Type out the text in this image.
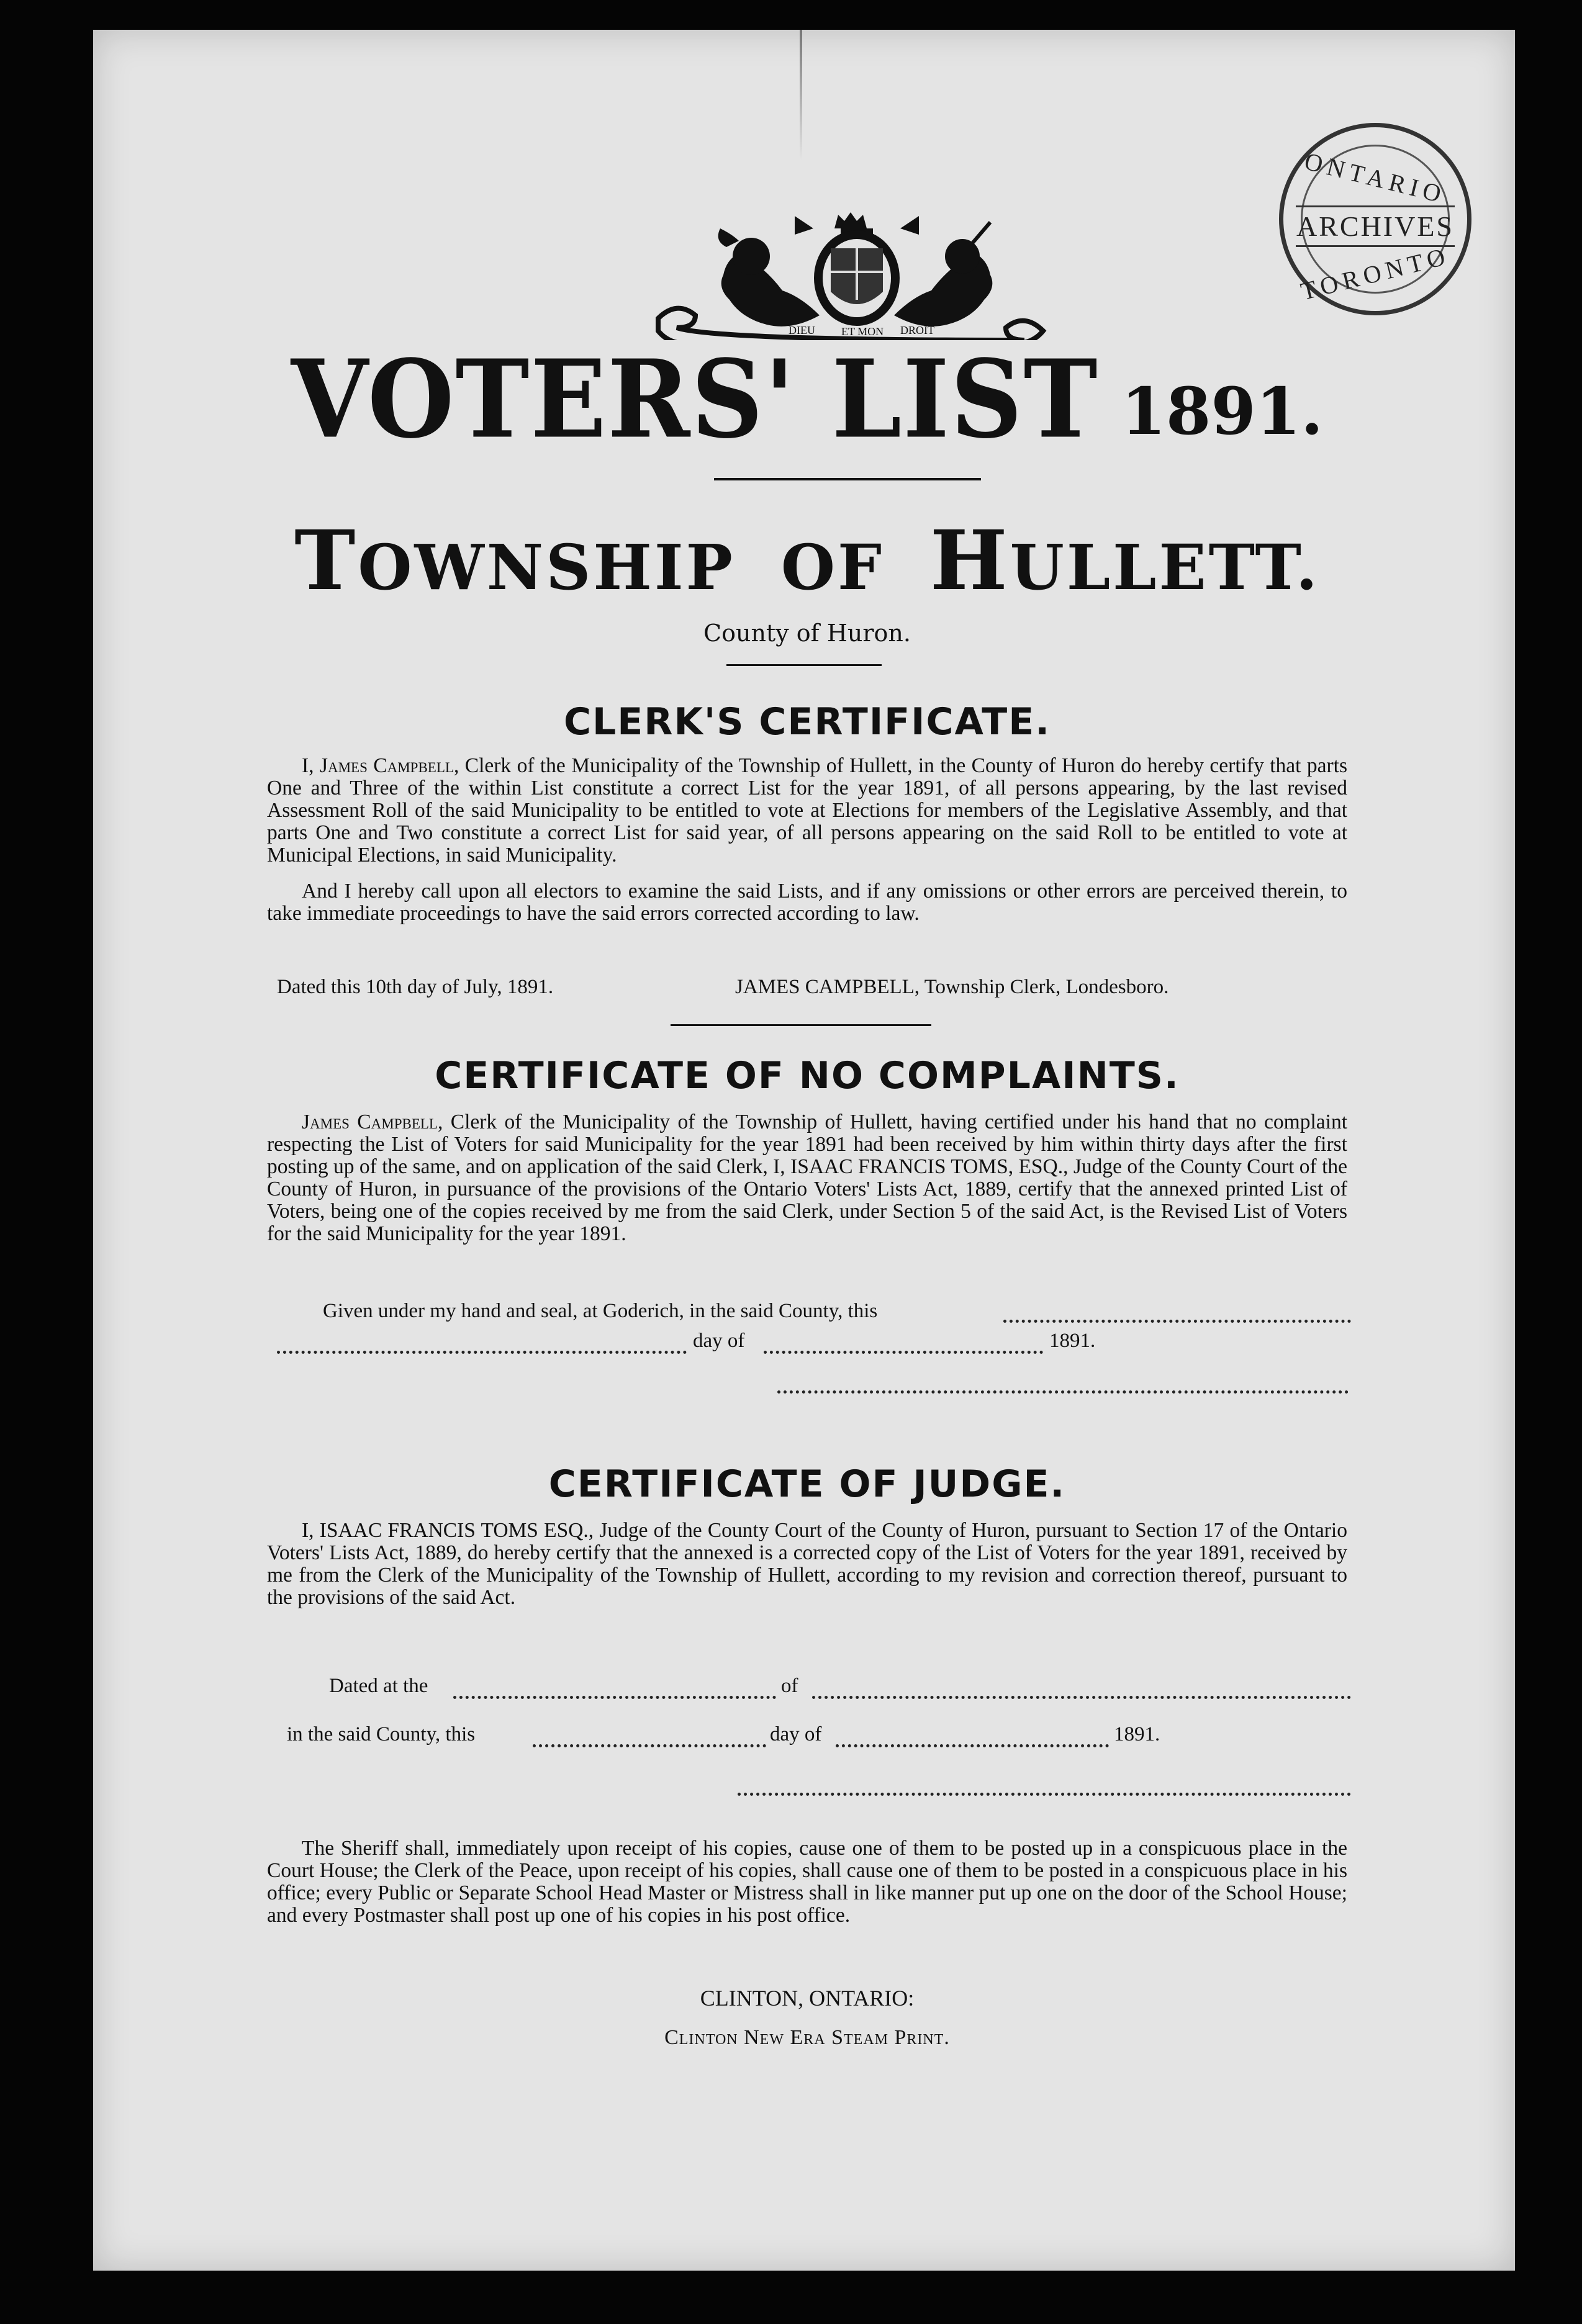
ONTARIO
ARCHIVES
TORONTO
DIEU ET MON DROIT
VOTERS' LIST 1891.
TOWNSHIP OF HULLETT.
County of Huron.
CLERK'S CERTIFICATE.

I, James Campbell, Clerk of the Municipality of the Township of Hullett, in the County of Huron do hereby certify that parts One and Three of the within List constitute a correct List for the year 1891, of all persons appearing, by the last revised Assessment Roll of the said Municipality to be entitled to vote at Elections for members of the Legislative Assembly, and that parts One and Two constitute a correct List for said year, of all persons appearing on the said Roll to be entitled to vote at Municipal Elections, in said Municipality.

And I hereby call upon all electors to examine the said Lists, and if any omissions or other errors are perceived therein, to take immediate proceedings to have the said errors corrected according to law.

Dated this 10th day of July, 1891.	JAMES CAMPBELL, Township Clerk, Londesboro.
CERTIFICATE OF NO COMPLAINTS.

James Campbell, Clerk of the Municipality of the Township of Hullett, having certified under his hand that no complaint respecting the List of Voters for said Municipality for the year 1891 had been received by him within thirty days after the first posting up of the same, and on application of the said Clerk, I, ISAAC FRANCIS TOMS, ESQ., Judge of the County Court of the County of Huron, in pursuance of the provisions of the Ontario Voters' Lists Act, 1889, certify that the annexed printed List of Voters, being one of the copies received by me from the said Clerk, under Section 5 of the said Act, is the Revised List of Voters for the said Municipality for the year 1891.

Given under my hand and seal, at Goderich, in the said County, this
day of	1891.
CERTIFICATE OF JUDGE.

I, ISAAC FRANCIS TOMS ESQ., Judge of the County Court of the County of Huron, pursuant to Section 17 of the Ontario Voters' Lists Act, 1889, do hereby certify that the annexed is a corrected copy of the List of Voters for the year 1891, received by me from the Clerk of the Municipality of the Township of Hullett, according to my revision and correction thereof, pursuant to the provisions of the said Act.

Dated at the	of
in the said County, this	day of	1891.

The Sheriff shall, immediately upon receipt of his copies, cause one of them to be posted up in a conspicuous place in the Court House; the Clerk of the Peace, upon receipt of his copies, shall cause one of them to be posted in a conspicuous place in his office; every Public or Separate School Head Master or Mistress shall in like manner put up one on the door of the School House; and every Postmaster shall post up one of his copies in his post office.

CLINTON, ONTARIO:
Clinton New Era Steam Print.
